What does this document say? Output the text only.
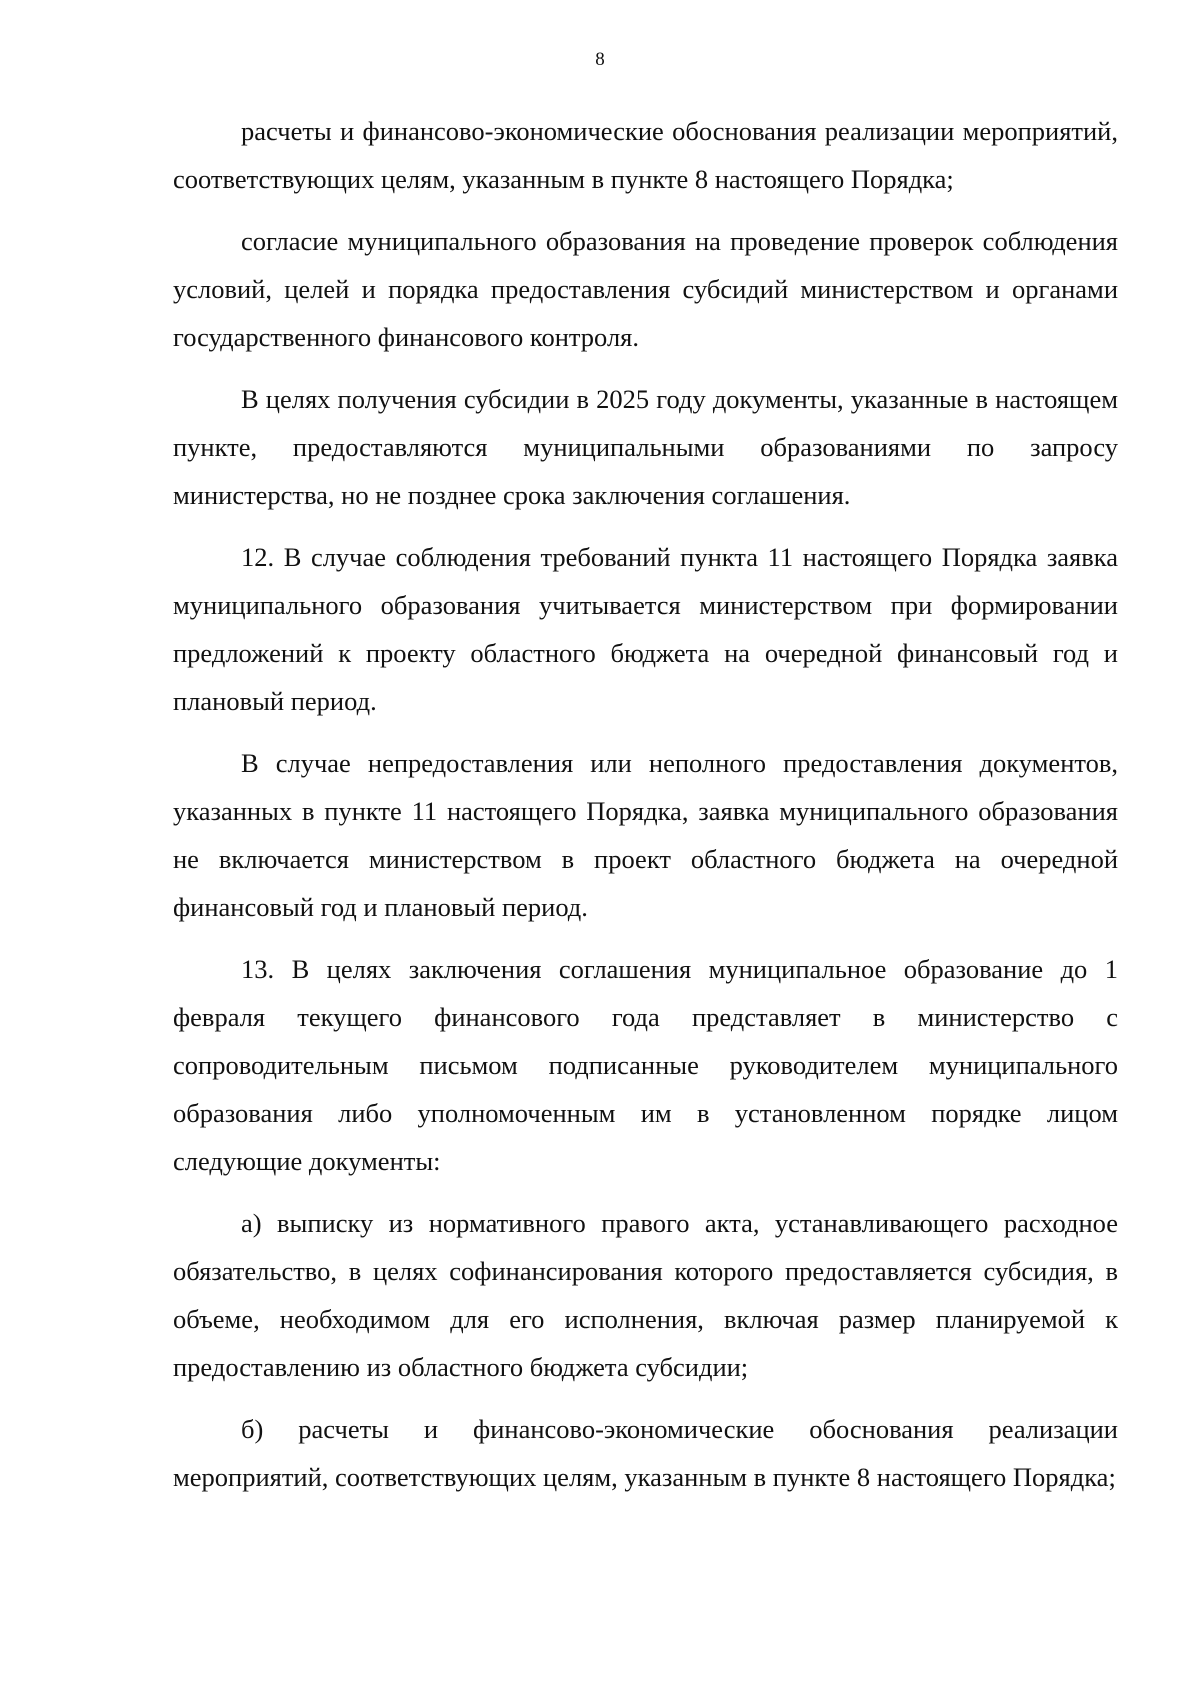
8

расчеты и финансово-экономические обоснования реализации мероприятий, соответствующих целям, указанным в пункте 8 настоящего Порядка;

согласие муниципального образования на проведение проверок соблюдения условий, целей и порядка предоставления субсидий министерством и органами государственного финансового контроля.

В целях получения субсидии в 2025 году документы, указанные в настоящем пункте, предоставляются муниципальными образованиями по запросу министерства, но не позднее срока заключения соглашения.

12. В случае соблюдения требований пункта 11 настоящего Порядка заявка муниципального образования учитывается министерством при формировании предложений к проекту областного бюджета на очередной финансовый год и плановый период.

В случае непредоставления или неполного предоставления документов, указанных в пункте 11 настоящего Порядка, заявка муниципального образования не включается министерством в проект областного бюджета на очередной финансовый год и плановый период.

13. В целях заключения соглашения муниципальное образование до 1 февраля текущего финансового года представляет в министерство с сопроводительным письмом подписанные руководителем муниципального образования либо уполномоченным им в установленном порядке лицом следующие документы:

а) выписку из нормативного правого акта, устанавливающего расходное обязательство, в целях софинансирования которого предоставляется субсидия, в объеме, необходимом для его исполнения, включая размер планируемой к предоставлению из областного бюджета субсидии;

б) расчеты и финансово-экономические обоснования реализации мероприятий, соответствующих целям, указанным в пункте 8 настоящего Порядка;
